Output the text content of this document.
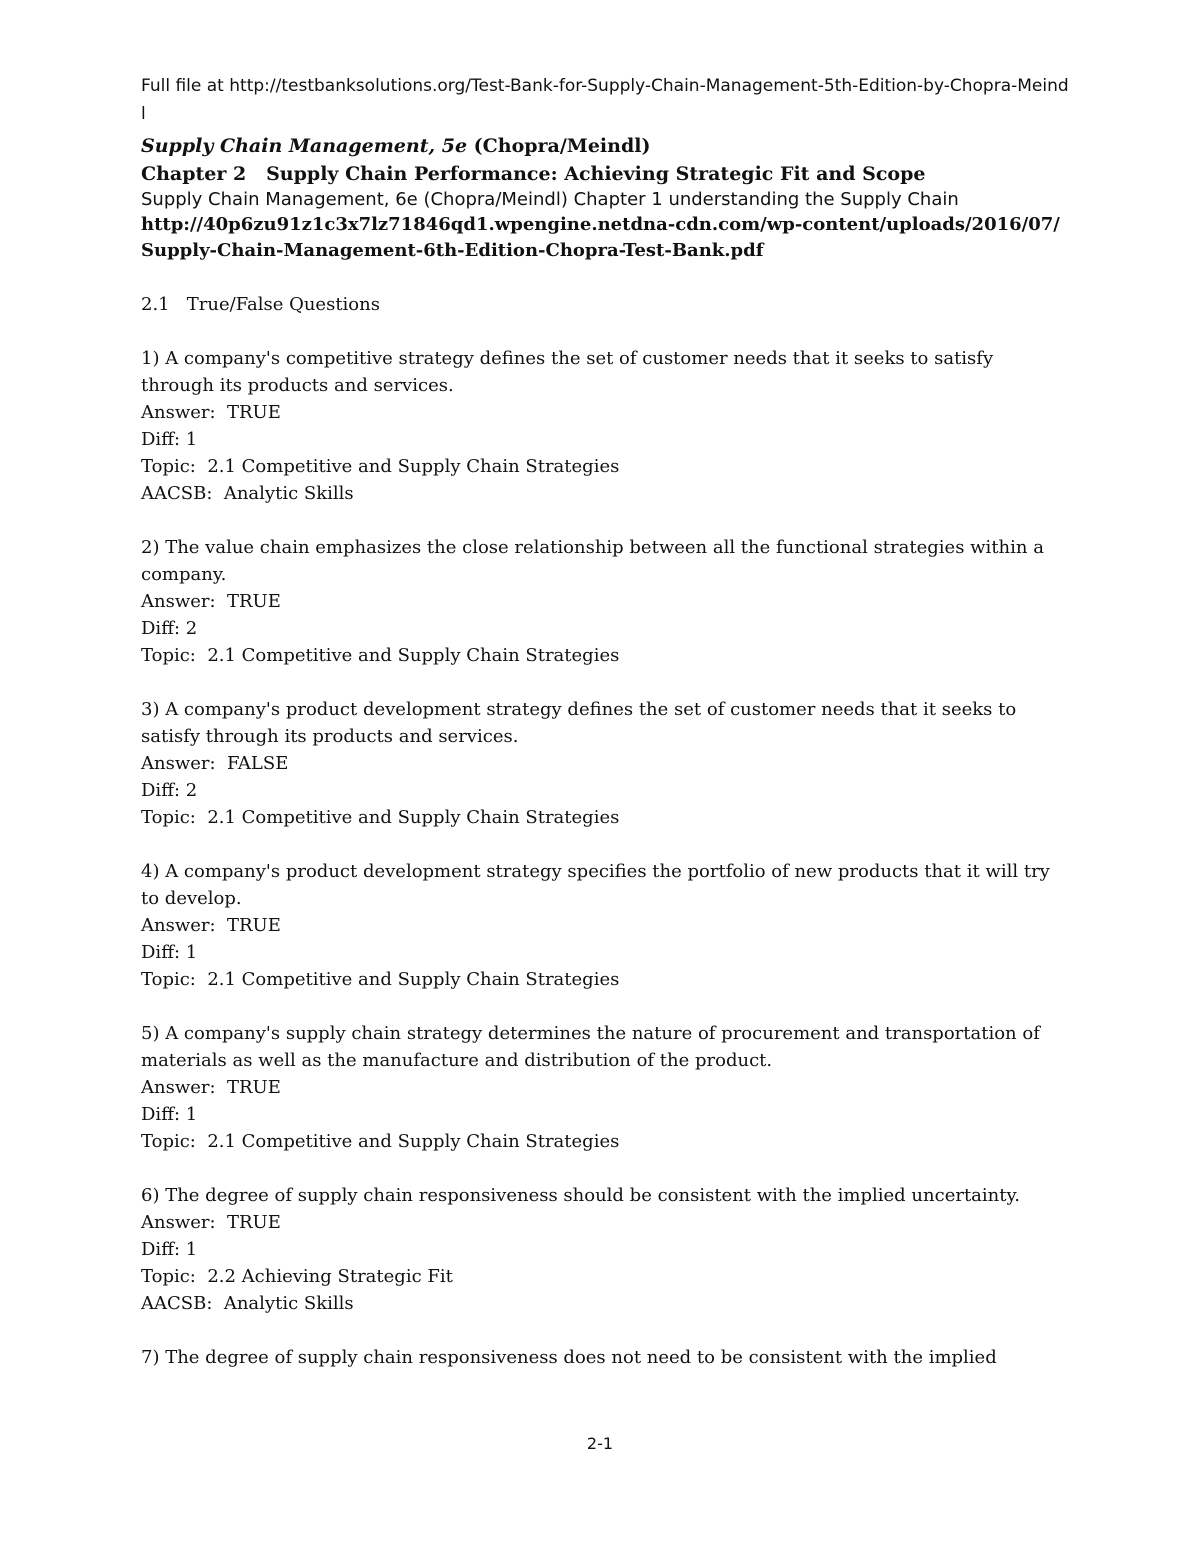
Full file at http://testbanksolutions.org/Test-Bank-for-Supply-Chain-Management-5th-Edition-by-Chopra-Meindl
Supply Chain Management, 5e (Chopra/Meindl)
Chapter 2   Supply Chain Performance: Achieving Strategic Fit and Scope
Supply Chain Management, 6e (Chopra/Meindl) Chapter 1 understanding the Supply Chain
http://40p6zu91z1c3x7lz71846qd1.wpengine.netdna-cdn.com/wp-content/uploads/2016/07/Supply-Chain-Management-6th-Edition-Chopra-Test-Bank.pdf
2.1   True/False Questions
1) A company's competitive strategy defines the set of customer needs that it seeks to satisfy through its products and services.
Answer:  TRUE
Diff: 1
Topic:  2.1 Competitive and Supply Chain Strategies
AACSB:  Analytic Skills
2) The value chain emphasizes the close relationship between all the functional strategies within a company.
Answer:  TRUE
Diff: 2
Topic:  2.1 Competitive and Supply Chain Strategies
3) A company's product development strategy defines the set of customer needs that it seeks to satisfy through its products and services.
Answer:  FALSE
Diff: 2
Topic:  2.1 Competitive and Supply Chain Strategies
4) A company's product development strategy specifies the portfolio of new products that it will try to develop.
Answer:  TRUE
Diff: 1
Topic:  2.1 Competitive and Supply Chain Strategies
5) A company's supply chain strategy determines the nature of procurement and transportation of materials as well as the manufacture and distribution of the product.
Answer:  TRUE
Diff: 1
Topic:  2.1 Competitive and Supply Chain Strategies
6) The degree of supply chain responsiveness should be consistent with the implied uncertainty.
Answer:  TRUE
Diff: 1
Topic:  2.2 Achieving Strategic Fit
AACSB:  Analytic Skills
7) The degree of supply chain responsiveness does not need to be consistent with the implied
2-1
